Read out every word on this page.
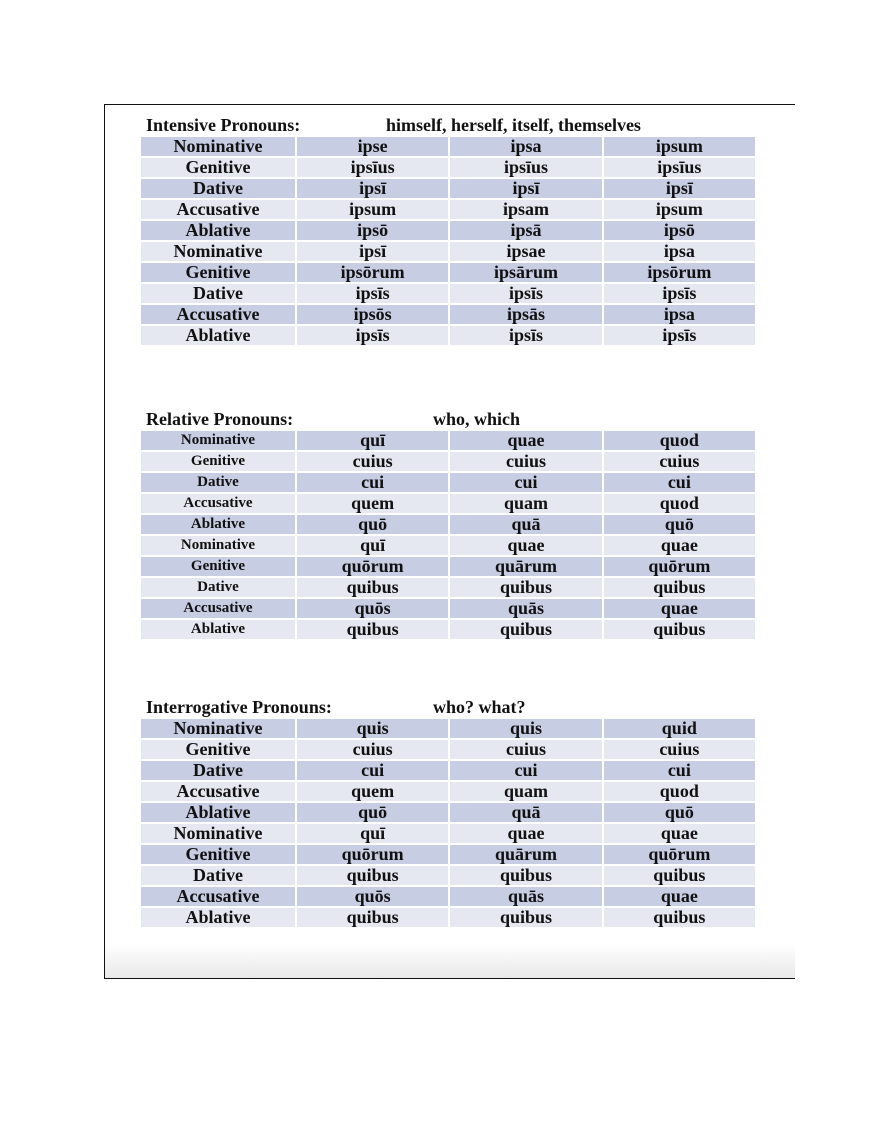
Intensive Pronouns:	himself, herself, itself, themselves
Nominative	ipse	ipsa	ipsum
Genitive	ipsīus	ipsīus	ipsīus
Dative	ipsī	ipsī	ipsī
Accusative	ipsum	ipsam	ipsum
Ablative	ipsō	ipsā	ipsō
Nominative	ipsī	ipsae	ipsa
Genitive	ipsōrum	ipsārum	ipsōrum
Dative	ipsīs	ipsīs	ipsīs
Accusative	ipsōs	ipsās	ipsa
Ablative	ipsīs	ipsīs	ipsīs
Relative Pronouns:	who, which
Nominative	quī	quae	quod
Genitive	cuius	cuius	cuius
Dative	cui	cui	cui
Accusative	quem	quam	quod
Ablative	quō	quā	quō
Nominative	quī	quae	quae
Genitive	quōrum	quārum	quōrum
Dative	quibus	quibus	quibus
Accusative	quōs	quās	quae
Ablative	quibus	quibus	quibus
Interrogative Pronouns:	who? what?
Nominative	quis	quis	quid
Genitive	cuius	cuius	cuius
Dative	cui	cui	cui
Accusative	quem	quam	quod
Ablative	quō	quā	quō
Nominative	quī	quae	quae
Genitive	quōrum	quārum	quōrum
Dative	quibus	quibus	quibus
Accusative	quōs	quās	quae
Ablative	quibus	quibus	quibus
